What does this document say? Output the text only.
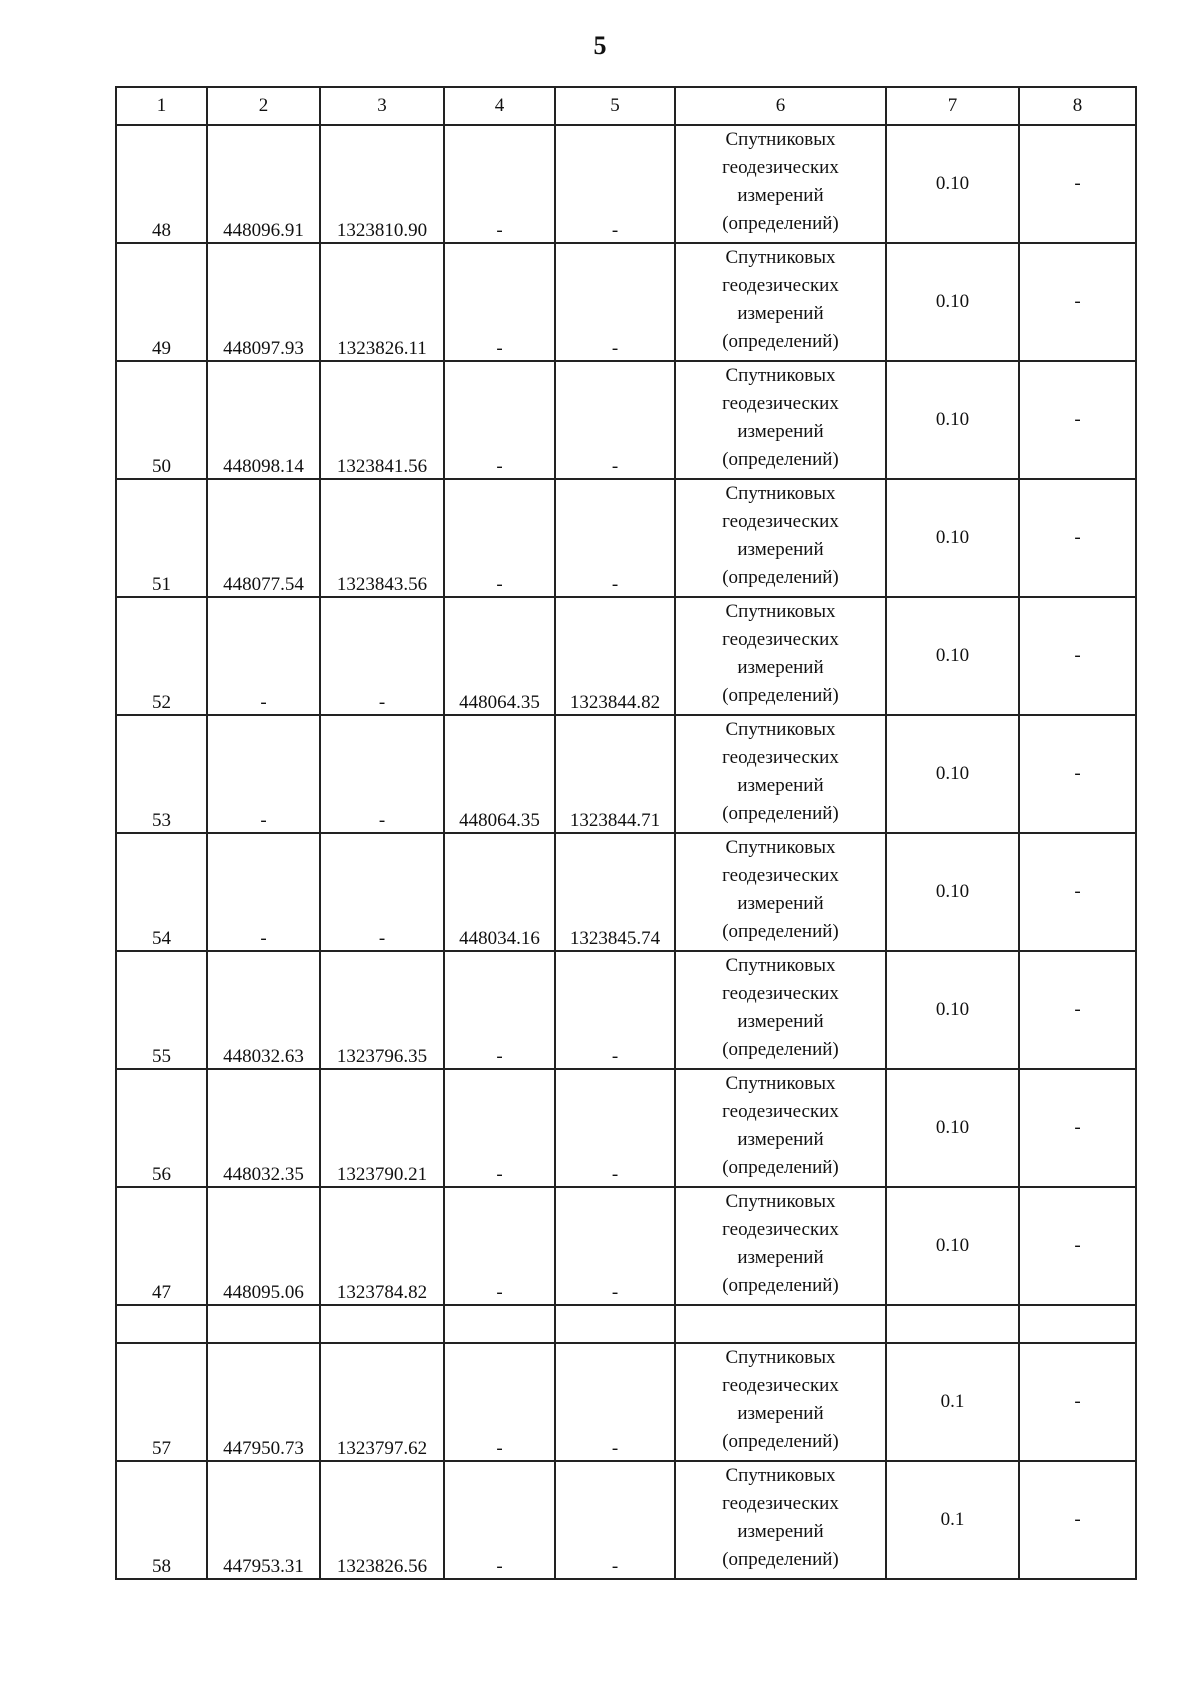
5
1	2	3	4	5	6	7	8
48	448096.91	1323810.90	-	-	Спутниковых
геодезических
измерений
(определений)	0.10	-
49	448097.93	1323826.11	-	-	Спутниковых
геодезических
измерений
(определений)	0.10	-
50	448098.14	1323841.56	-	-	Спутниковых
геодезических
измерений
(определений)	0.10	-
51	448077.54	1323843.56	-	-	Спутниковых
геодезических
измерений
(определений)	0.10	-
52	-	-	448064.35	1323844.82	Спутниковых
геодезических
измерений
(определений)	0.10	-
53	-	-	448064.35	1323844.71	Спутниковых
геодезических
измерений
(определений)	0.10	-
54	-	-	448034.16	1323845.74	Спутниковых
геодезических
измерений
(определений)	0.10	-
55	448032.63	1323796.35	-	-	Спутниковых
геодезических
измерений
(определений)	0.10	-
56	448032.35	1323790.21	-	-	Спутниковых
геодезических
измерений
(определений)	0.10	-
47	448095.06	1323784.82	-	-	Спутниковых
геодезических
измерений
(определений)	0.10	-

57	447950.73	1323797.62	-	-	Спутниковых
геодезических
измерений
(определений)	0.1	-
58	447953.31	1323826.56	-	-	Спутниковых
геодезических
измерений
(определений)	0.1	-
